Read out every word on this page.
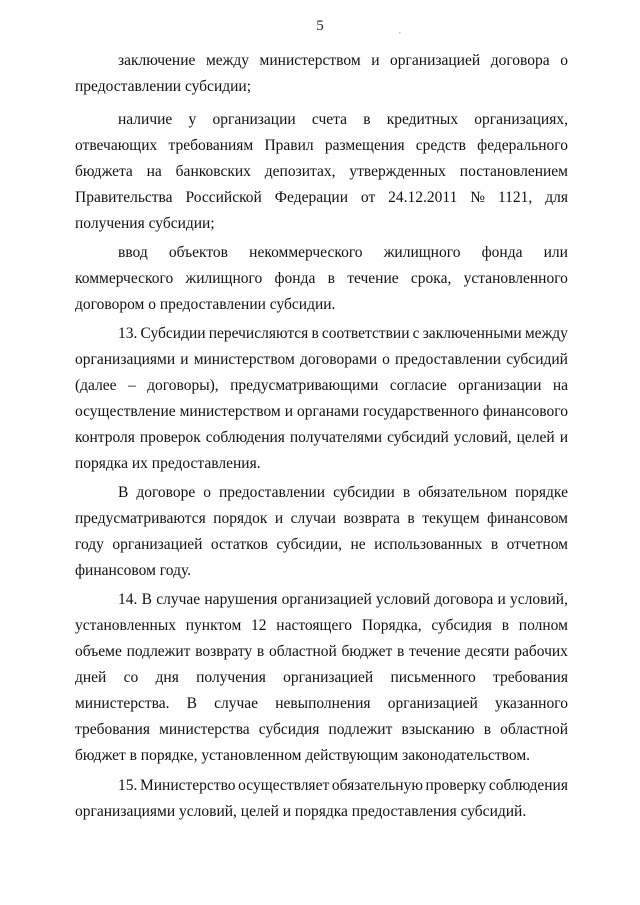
5	,
заключение между министерством и организацией договора о
предоставлении субсидии;
наличие у организации счета в кредитных организациях,
отвечающих требованиям Правил размещения средств федерального
бюджета на банковских депозитах, утвержденных постановлением
Правительства Российской Федерации от 24.12.2011 № 1121, для
получения субсидии;
ввод объектов некоммерческого жилищного фонда или
коммерческого жилищного фонда в течение срока, установленного
договором о предоставлении субсидии.
13. Субсидии перечисляются в соответствии с заключенными между
организациями и министерством договорами о предоставлении субсидий
(далее – договоры), предусматривающими согласие организации на
осуществление министерством и органами государственного финансового
контроля проверок соблюдения получателями субсидий условий, целей и
порядка их предоставления.
В договоре о предоставлении субсидии в обязательном порядке
предусматриваются порядок и случаи возврата в текущем финансовом
году организацией остатков субсидии, не использованных в отчетном
финансовом году.
14. В случае нарушения организацией условий договора и условий,
установленных пунктом 12 настоящего Порядка, субсидия в полном
объеме подлежит возврату в областной бюджет в течение десяти рабочих
дней со дня получения организацией письменного требования
министерства. В случае невыполнения организацией указанного
требования министерства субсидия подлежит взысканию в областной
бюджет в порядке, установленном действующим законодательством.
15. Министерство осуществляет обязательную проверку соблюдения
организациями условий, целей и порядка предоставления субсидий.
